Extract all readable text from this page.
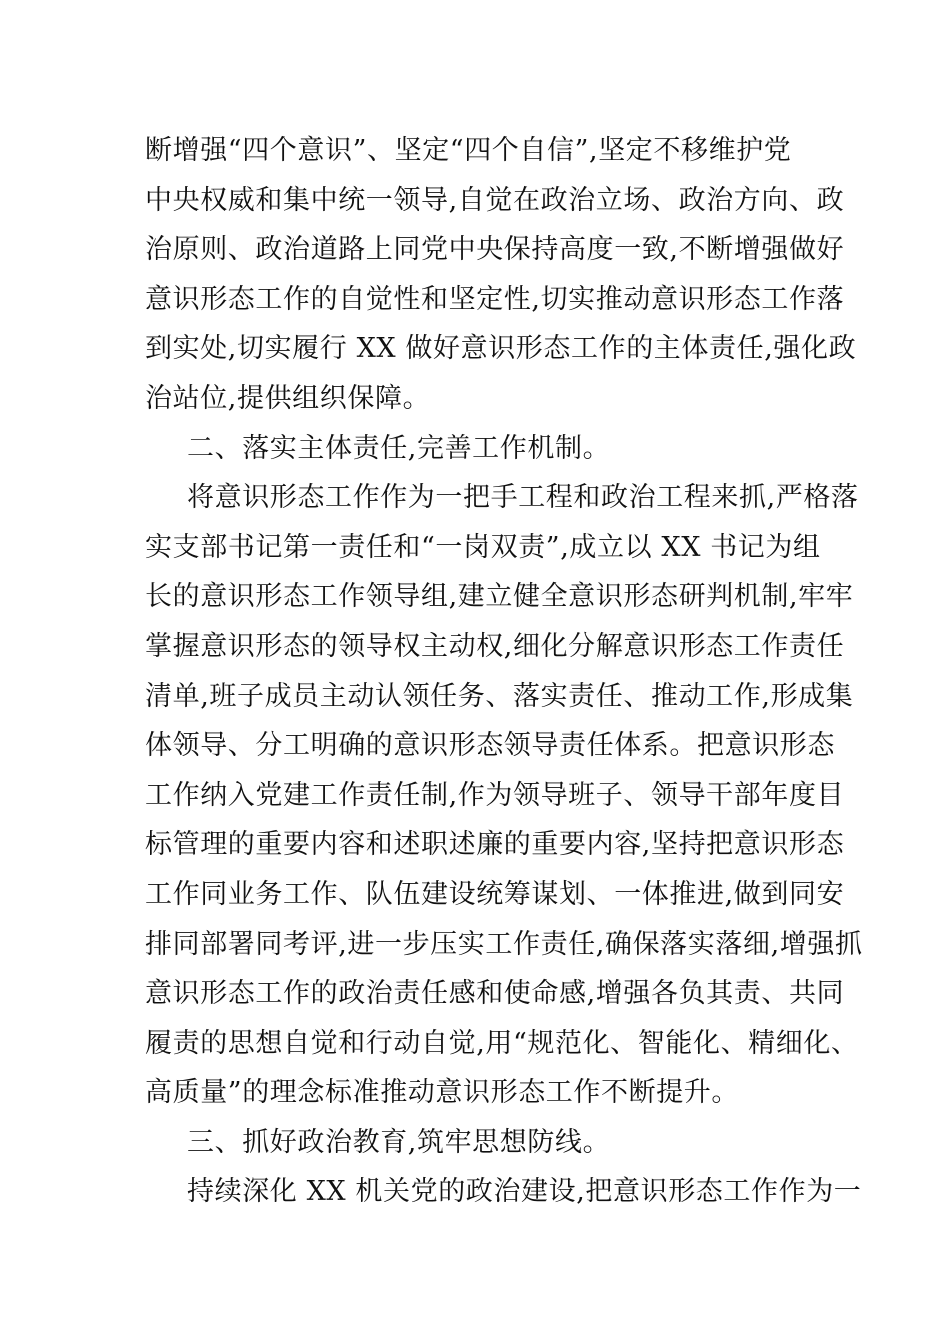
断增强“四个意识”、坚定“四个自信”,坚定不移维护党
中央权威和集中统一领导,自觉在政治立场、政治方向、政
治原则、政治道路上同党中央保持高度一致,不断增强做好
意识形态工作的自觉性和坚定性,切实推动意识形态工作落
到实处,切实履行 XX 做好意识形态工作的主体责任,强化政
治站位,提供组织保障。
二、落实主体责任,完善工作机制。
将意识形态工作作为一把手工程和政治工程来抓,严格落
实支部书记第一责任和“一岗双责”,成立以 XX 书记为组
长的意识形态工作领导组,建立健全意识形态研判机制,牢牢
掌握意识形态的领导权主动权,细化分解意识形态工作责任
清单,班子成员主动认领任务、落实责任、推动工作,形成集
体领导、分工明确的意识形态领导责任体系。把意识形态
工作纳入党建工作责任制,作为领导班子、领导干部年度目
标管理的重要内容和述职述廉的重要内容,坚持把意识形态
工作同业务工作、队伍建设统筹谋划、一体推进,做到同安
排同部署同考评,进一步压实工作责任,确保落实落细,增强抓
意识形态工作的政治责任感和使命感,增强各负其责、共同
履责的思想自觉和行动自觉,用“规范化、智能化、精细化、
高质量”的理念标准推动意识形态工作不断提升。
三、抓好政治教育,筑牢思想防线。
持续深化 XX 机关党的政治建设,把意识形态工作作为一
